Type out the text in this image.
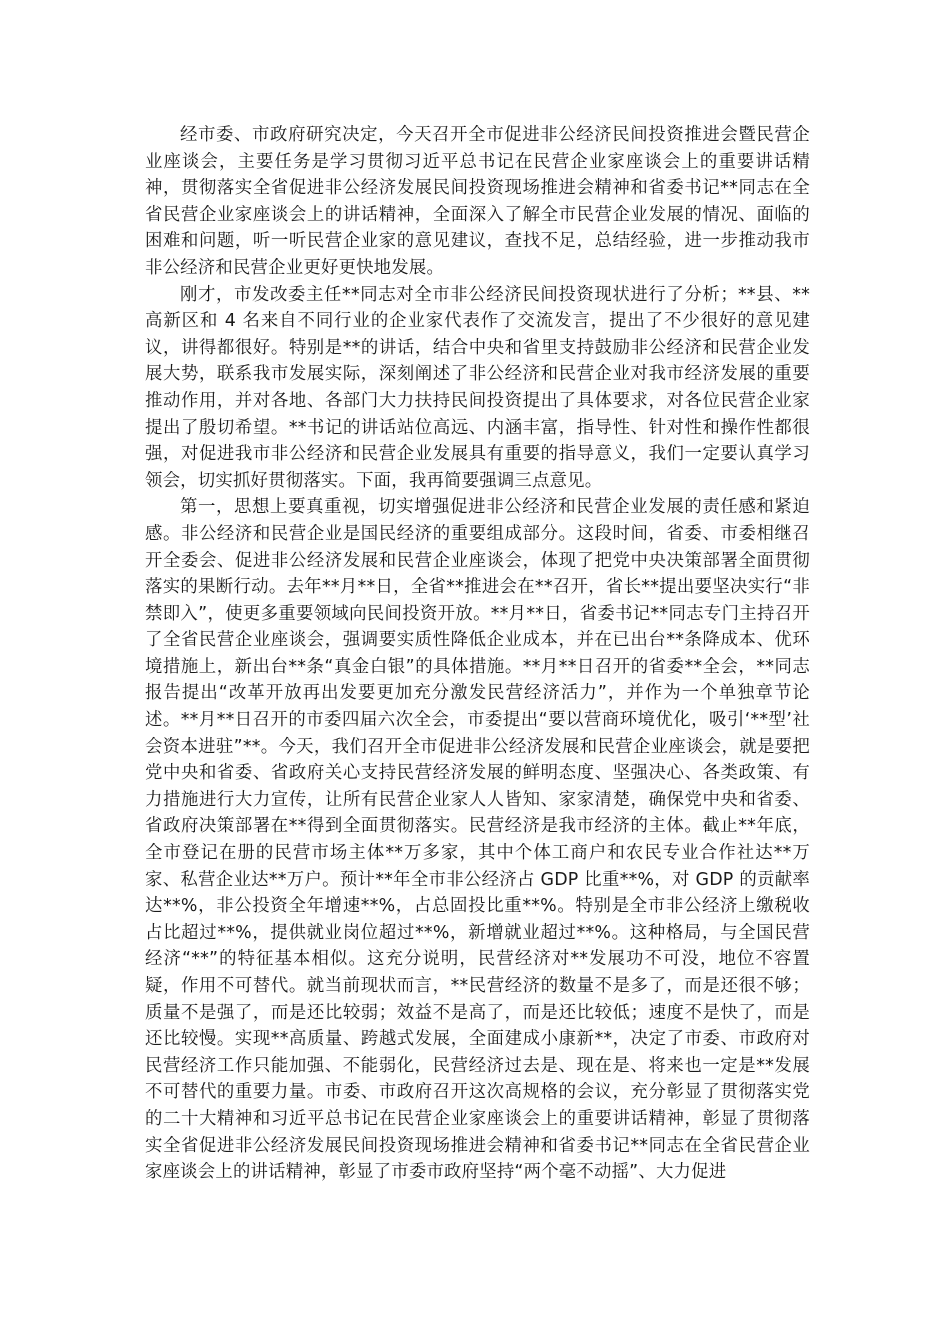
经市委、市政府研究决定，今天召开全市促进非公经济民间投资推进会暨民营企业座谈会，主要任务是学习贯彻习近平总书记在民营企业家座谈会上的重要讲话精神，贯彻落实全省促进非公经济发展民间投资现场推进会精神和省委书记**同志在全省民营企业家座谈会上的讲话精神，全面深入了解全市民营企业发展的情况、面临的困难和问题，听一听民营企业家的意见建议，查找不足，总结经验，进一步推动我市非公经济和民营企业更好更快地发展。

刚才，市发改委主任**同志对全市非公经济民间投资现状进行了分析；**县、**高新区和 4 名来自不同行业的企业家代表作了交流发言，提出了不少很好的意见建议，讲得都很好。特别是**的讲话，结合中央和省里支持鼓励非公经济和民营企业发展大势，联系我市发展实际，深刻阐述了非公经济和民营企业对我市经济发展的重要推动作用，并对各地、各部门大力扶持民间投资提出了具体要求，对各位民营企业家提出了殷切希望。**书记的讲话站位高远、内涵丰富，指导性、针对性和操作性都很强，对促进我市非公经济和民营企业发展具有重要的指导意义，我们一定要认真学习领会，切实抓好贯彻落实。下面，我再简要强调三点意见。

第一，思想上要真重视，切实增强促进非公经济和民营企业发展的责任感和紧迫感。非公经济和民营企业是国民经济的重要组成部分。这段时间，省委、市委相继召开全委会、促进非公经济发展和民营企业座谈会，体现了把党中央决策部署全面贯彻落实的果断行动。去年**月**日，全省**推进会在**召开，省长**提出要坚决实行“非禁即入”，使更多重要领域向民间投资开放。**月**日，省委书记**同志专门主持召开了全省民营企业座谈会，强调要实质性降低企业成本，并在已出台**条降成本、优环境措施上，新出台**条“真金白银”的具体措施。**月**日召开的省委**全会，**同志报告提出“改革开放再出发要更加充分激发民营经济活力”，并作为一个单独章节论述。**月**日召开的市委四届六次全会，市委提出“要以营商环境优化，吸引‘**型’社会资本进驻”**。今天，我们召开全市促进非公经济发展和民营企业座谈会，就是要把党中央和省委、省政府关心支持民营经济发展的鲜明态度、坚强决心、各类政策、有力措施进行大力宣传，让所有民营企业家人人皆知、家家清楚，确保党中央和省委、省政府决策部署在**得到全面贯彻落实。民营经济是我市经济的主体。截止**年底，全市登记在册的民营市场主体**万多家，其中个体工商户和农民专业合作社达**万家、私营企业达**万户。预计**年全市非公经济占 GDP 比重**%，对 GDP 的贡献率达**%，非公投资全年增速**%，占总固投比重**%。特别是全市非公经济上缴税收占比超过**%，提供就业岗位超过**%，新增就业超过**%。这种格局，与全国民营经济“**”的特征基本相似。这充分说明，民营经济对**发展功不可没，地位不容置疑，作用不可替代。就当前现状而言，**民营经济的数量不是多了，而是还很不够；质量不是强了，而是还比较弱；效益不是高了，而是还比较低；速度不是快了，而是还比较慢。实现**高质量、跨越式发展，全面建成小康新**，决定了市委、市政府对民营经济工作只能加强、不能弱化，民营经济过去是、现在是、将来也一定是**发展不可替代的重要力量。市委、市政府召开这次高规格的会议，充分彰显了贯彻落实党的二十大精神和习近平总书记在民营企业家座谈会上的重要讲话精神，彰显了贯彻落实全省促进非公经济发展民间投资现场推进会精神和省委书记**同志在全省民营企业家座谈会上的讲话精神，彰显了市委市政府坚持“两个毫不动摇”、大力促进
